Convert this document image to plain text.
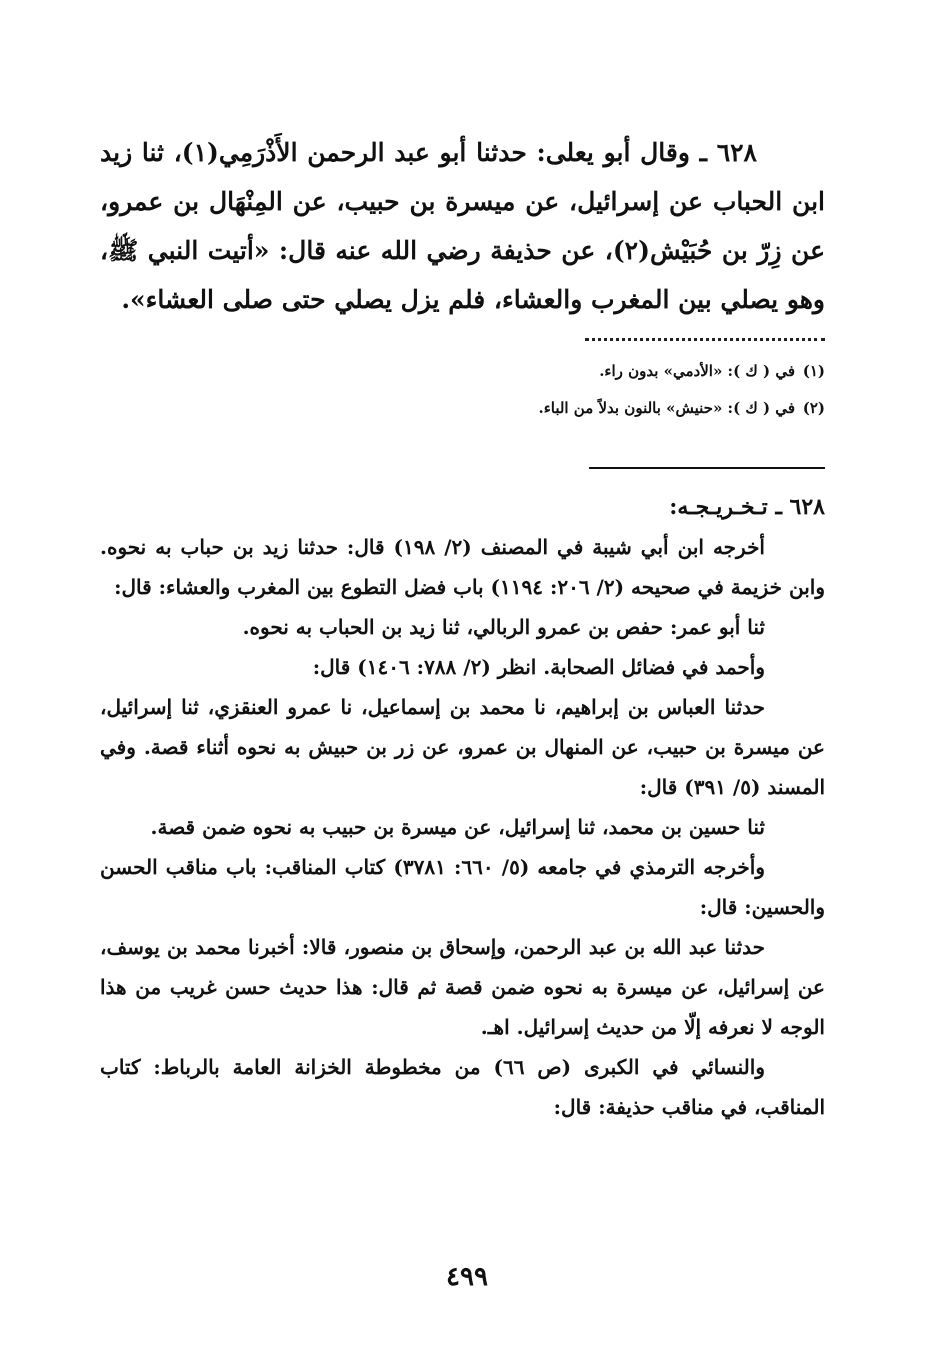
٦٢٨ ـ وقال أبو يعلى: حدثنا أبو عبد الرحمن الأَذْرَمِي(١)، ثنا زيد ابن الحباب عن إسرائيل، عن ميسرة بن حبيب، عن المِنْهَال بن عمرو، عن زِرّ بن حُبَيْش(٢)، عن حذيفة رضي الله عنه قال: «أتيت النبي ﷺ، وهو يصلي بين المغرب والعشاء، فلم يزل يصلي حتى صلى العشاء».

(١)في ( ك ): «الأدمي» بدون راء.

(٢)في ( ك ): «حنيش» بالنون بدلاً من الباء.

٦٢٨ ـ تـخـريـجـه:

أخرجه ابن أبي شيبة في المصنف (٢/ ١٩٨) قال: حدثنا زيد بن حباب به نحوه. وابن خزيمة في صحيحه (٢/ ٢٠٦: ١١٩٤) باب فضل التطوع بين المغرب والعشاء: قال:

ثنا أبو عمر: حفص بن عمرو الربالي، ثنا زيد بن الحباب به نحوه.

وأحمد في فضائل الصحابة. انظر (٢/ ٧٨٨: ١٤٠٦) قال:

حدثنا العباس بن إبراهيم، نا محمد بن إسماعيل، نا عمرو العنقزي، ثنا إسرائيل، عن ميسرة بن حبيب، عن المنهال بن عمرو، عن زر بن حبيش به نحوه أثناء قصة. وفي المسند (٥/ ٣٩١) قال:

ثنا حسين بن محمد، ثنا إسرائيل، عن ميسرة بن حبيب به نحوه ضمن قصة.

وأخرجه الترمذي في جامعه (٥/ ٦٦٠: ٣٧٨١) كتاب المناقب: باب مناقب الحسن والحسين: قال:

حدثنا عبد الله بن عبد الرحمن، وإسحاق بن منصور، قالا: أخبرنا محمد بن يوسف، عن إسرائيل، عن ميسرة به نحوه ضمن قصة ثم قال: هذا حديث حسن غريب من هذا الوجه لا نعرفه إلّا من حديث إسرائيل. اهـ.

والنسائي في الكبرى (ص ٦٦) من مخطوطة الخزانة العامة بالرباط: كتاب المناقب، في مناقب حذيفة: قال:

٤٩٩
